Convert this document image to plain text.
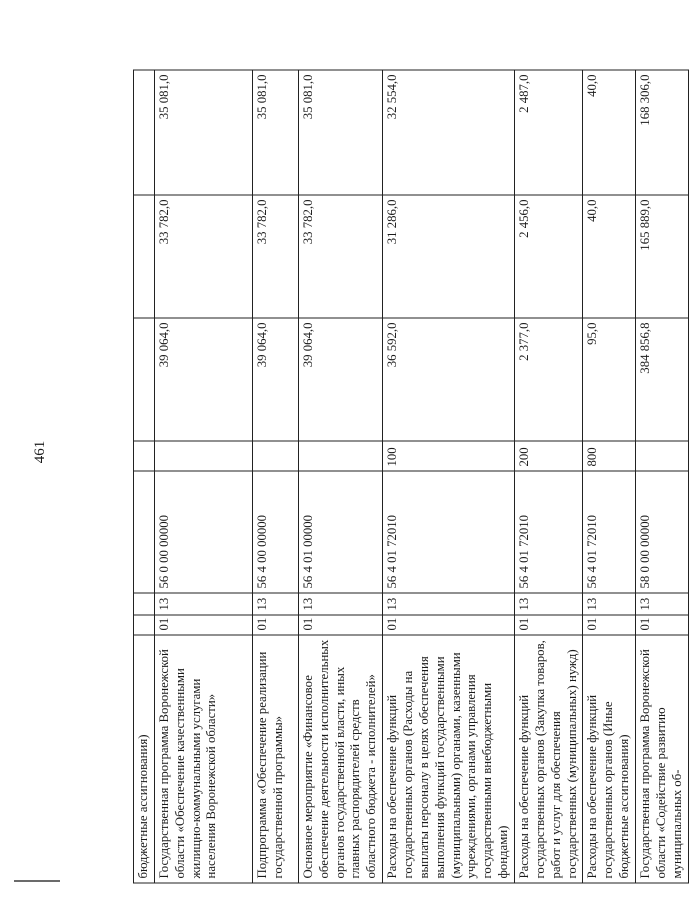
461
бюджетные ассигнования)							
Государственная программа Воронежской области «Обеспечение качественными жилищно-коммунальными услугами населения Воронежской области»	01	13	56 0 00 00000		39 064,0	33 782,0	35 081,0
Подпрограмма «Обеспечение реализации государственной программы»	01	13	56 4 00 00000		39 064,0	33 782,0	35 081,0
Основное мероприятие «Финансовое обеспечение деятельности исполнительных органов государственной власти, иных главных распорядителей средств областного бюджета - исполнителей»	01	13	56 4 01 00000		39 064,0	33 782,0	35 081,0
Расходы на обеспечение функций государственных органов (Расходы на выплаты персоналу в целях обеспечения выполнения функций государственными (муниципальными) органами, казенными учреждениями, органами управления государственными внебюджетными фондами)	01	13	56 4 01 72010	100	36 592,0	31 286,0	32 554,0
Расходы на обеспечение функций государственных органов (Закупка товаров, работ и услуг для обеспечения государственных (муниципальных) нужд)	01	13	56 4 01 72010	200	2 377,0	2 456,0	2 487,0
Расходы на обеспечение функций государственных органов (Иные бюджетные ассигнования)	01	13	56 4 01 72010	800	95,0	40,0	40,0
Государственная программа Воронежской области «Содействие развитию муниципальных об-	01	13	58 0 00 00000		384 856,8	165 889,0	168 306,0
